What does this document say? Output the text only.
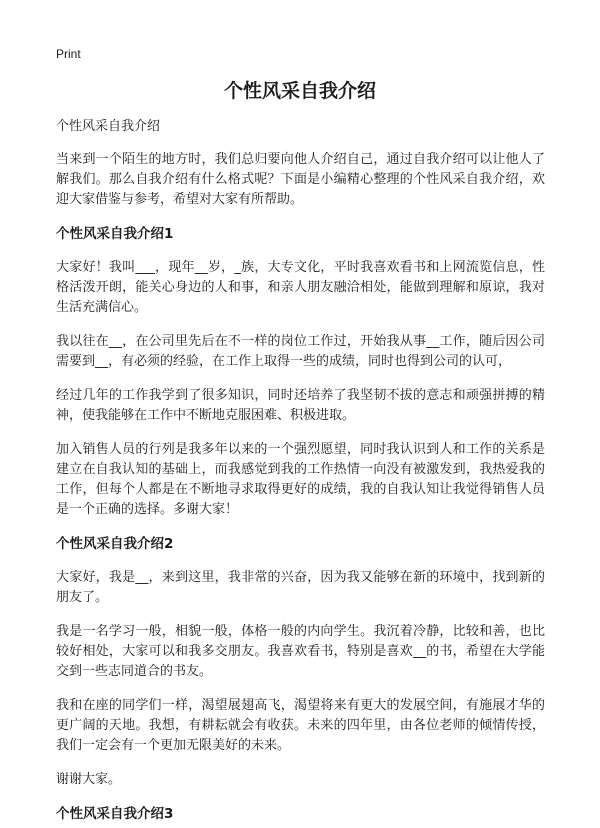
Print
个性风采自我介绍

个性风采自我介绍

当来到一个陌生的地方时，我们总归要向他人介绍自己，通过自我介绍可以让他人了解我们。那么自我介绍有什么格式呢？下面是小编精心整理的个性风采自我介绍，欢迎大家借鉴与参考，希望对大家有所帮助。

个性风采自我介绍1

大家好！我叫___，现年__岁，_族，大专文化，平时我喜欢看书和上网流览信息，性格活泼开朗，能关心身边的人和事，和亲人朋友融洽相处，能做到理解和原谅，我对生活充满信心。

我以往在__，在公司里先后在不一样的岗位工作过，开始我从事__工作，随后因公司需要到__，有必须的经验，在工作上取得一些的成绩，同时也得到公司的认可，

经过几年的工作我学到了很多知识，同时还培养了我坚韧不拔的意志和顽强拼搏的精神，使我能够在工作中不断地克服困难、积极进取。

加入销售人员的行列是我多年以来的一个强烈愿望，同时我认识到人和工作的关系是建立在自我认知的基础上，而我感觉到我的工作热情一向没有被激发到，我热爱我的工作，但每个人都是在不断地寻求取得更好的成绩，我的自我认知让我觉得销售人员是一个正确的选择。多谢大家！

个性风采自我介绍2

大家好，我是__，来到这里，我非常的兴奋，因为我又能够在新的环境中，找到新的朋友了。

我是一名学习一般，相貌一般，体格一般的内向学生。我沉着冷静，比较和善，也比较好相处，大家可以和我多交朋友。我喜欢看书，特别是喜欢__的书，希望在大学能交到一些志同道合的书友。

我和在座的同学们一样，渴望展翅高飞，渴望将来有更大的发展空间，有施展才华的更广阔的天地。我想，有耕耘就会有收获。未来的四年里，由各位老师的倾情传授，我们一定会有一个更加无限美好的未来。

谢谢大家。

个性风采自我介绍3
